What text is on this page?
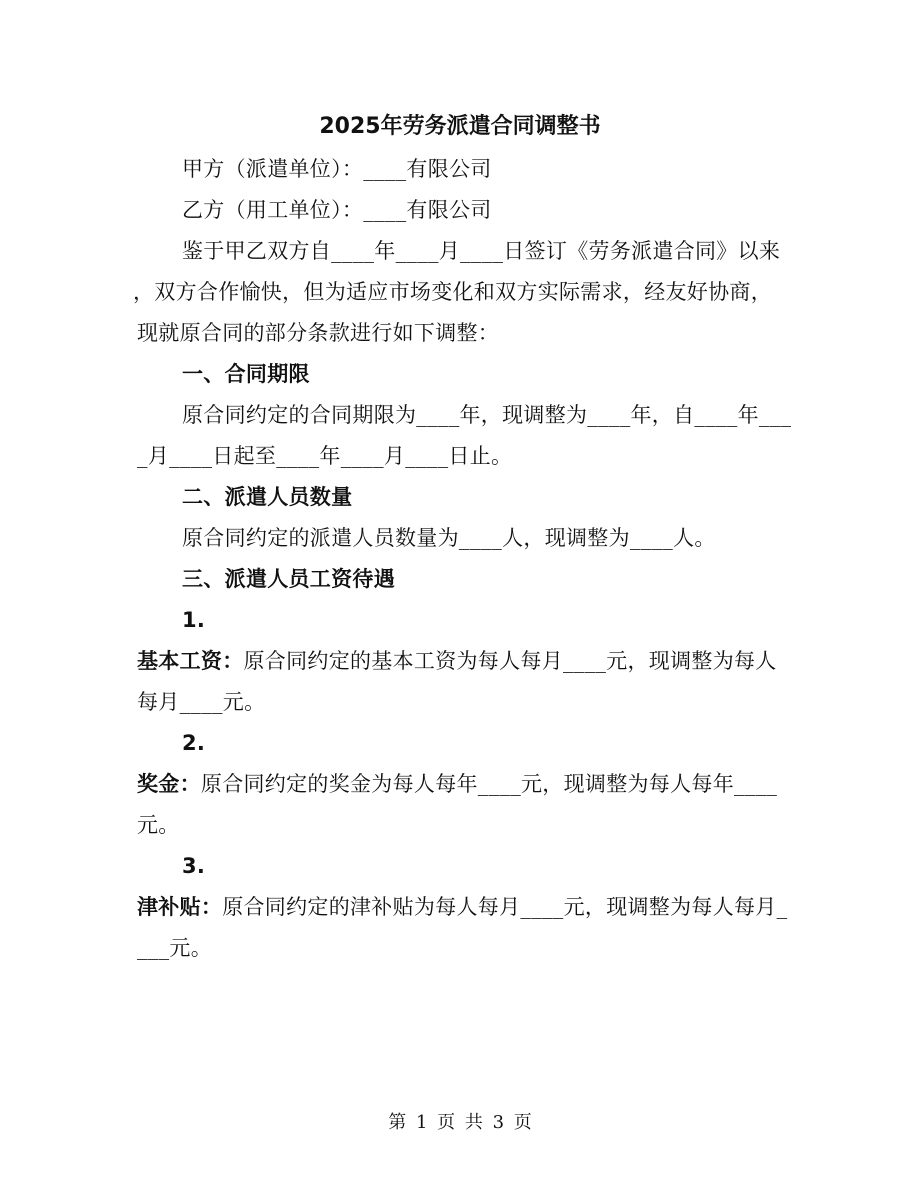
2025年劳务派遣合同调整书
甲方（派遣单位）：____有限公司
乙方（用工单位）：____有限公司
鉴于甲乙双方自____年____月____日签订《劳务派遣合同》以来
，双方合作愉快，但为适应市场变化和双方实际需求，经友好协商，
现就原合同的部分条款进行如下调整：
一、合同期限
原合同约定的合同期限为____年，现调整为____年，自____年___
_月____日起至____年____月____日止。
二、派遣人员数量
原合同约定的派遣人员数量为____人，现调整为____人。
三、派遣人员工资待遇
1.
基本工资：原合同约定的基本工资为每人每月____元，现调整为每人
每月____元。
2.
奖金：原合同约定的奖金为每人每年____元，现调整为每人每年____
元。
3.
津补贴：原合同约定的津补贴为每人每月____元，现调整为每人每月_
___元。
第 1 页 共 3 页
